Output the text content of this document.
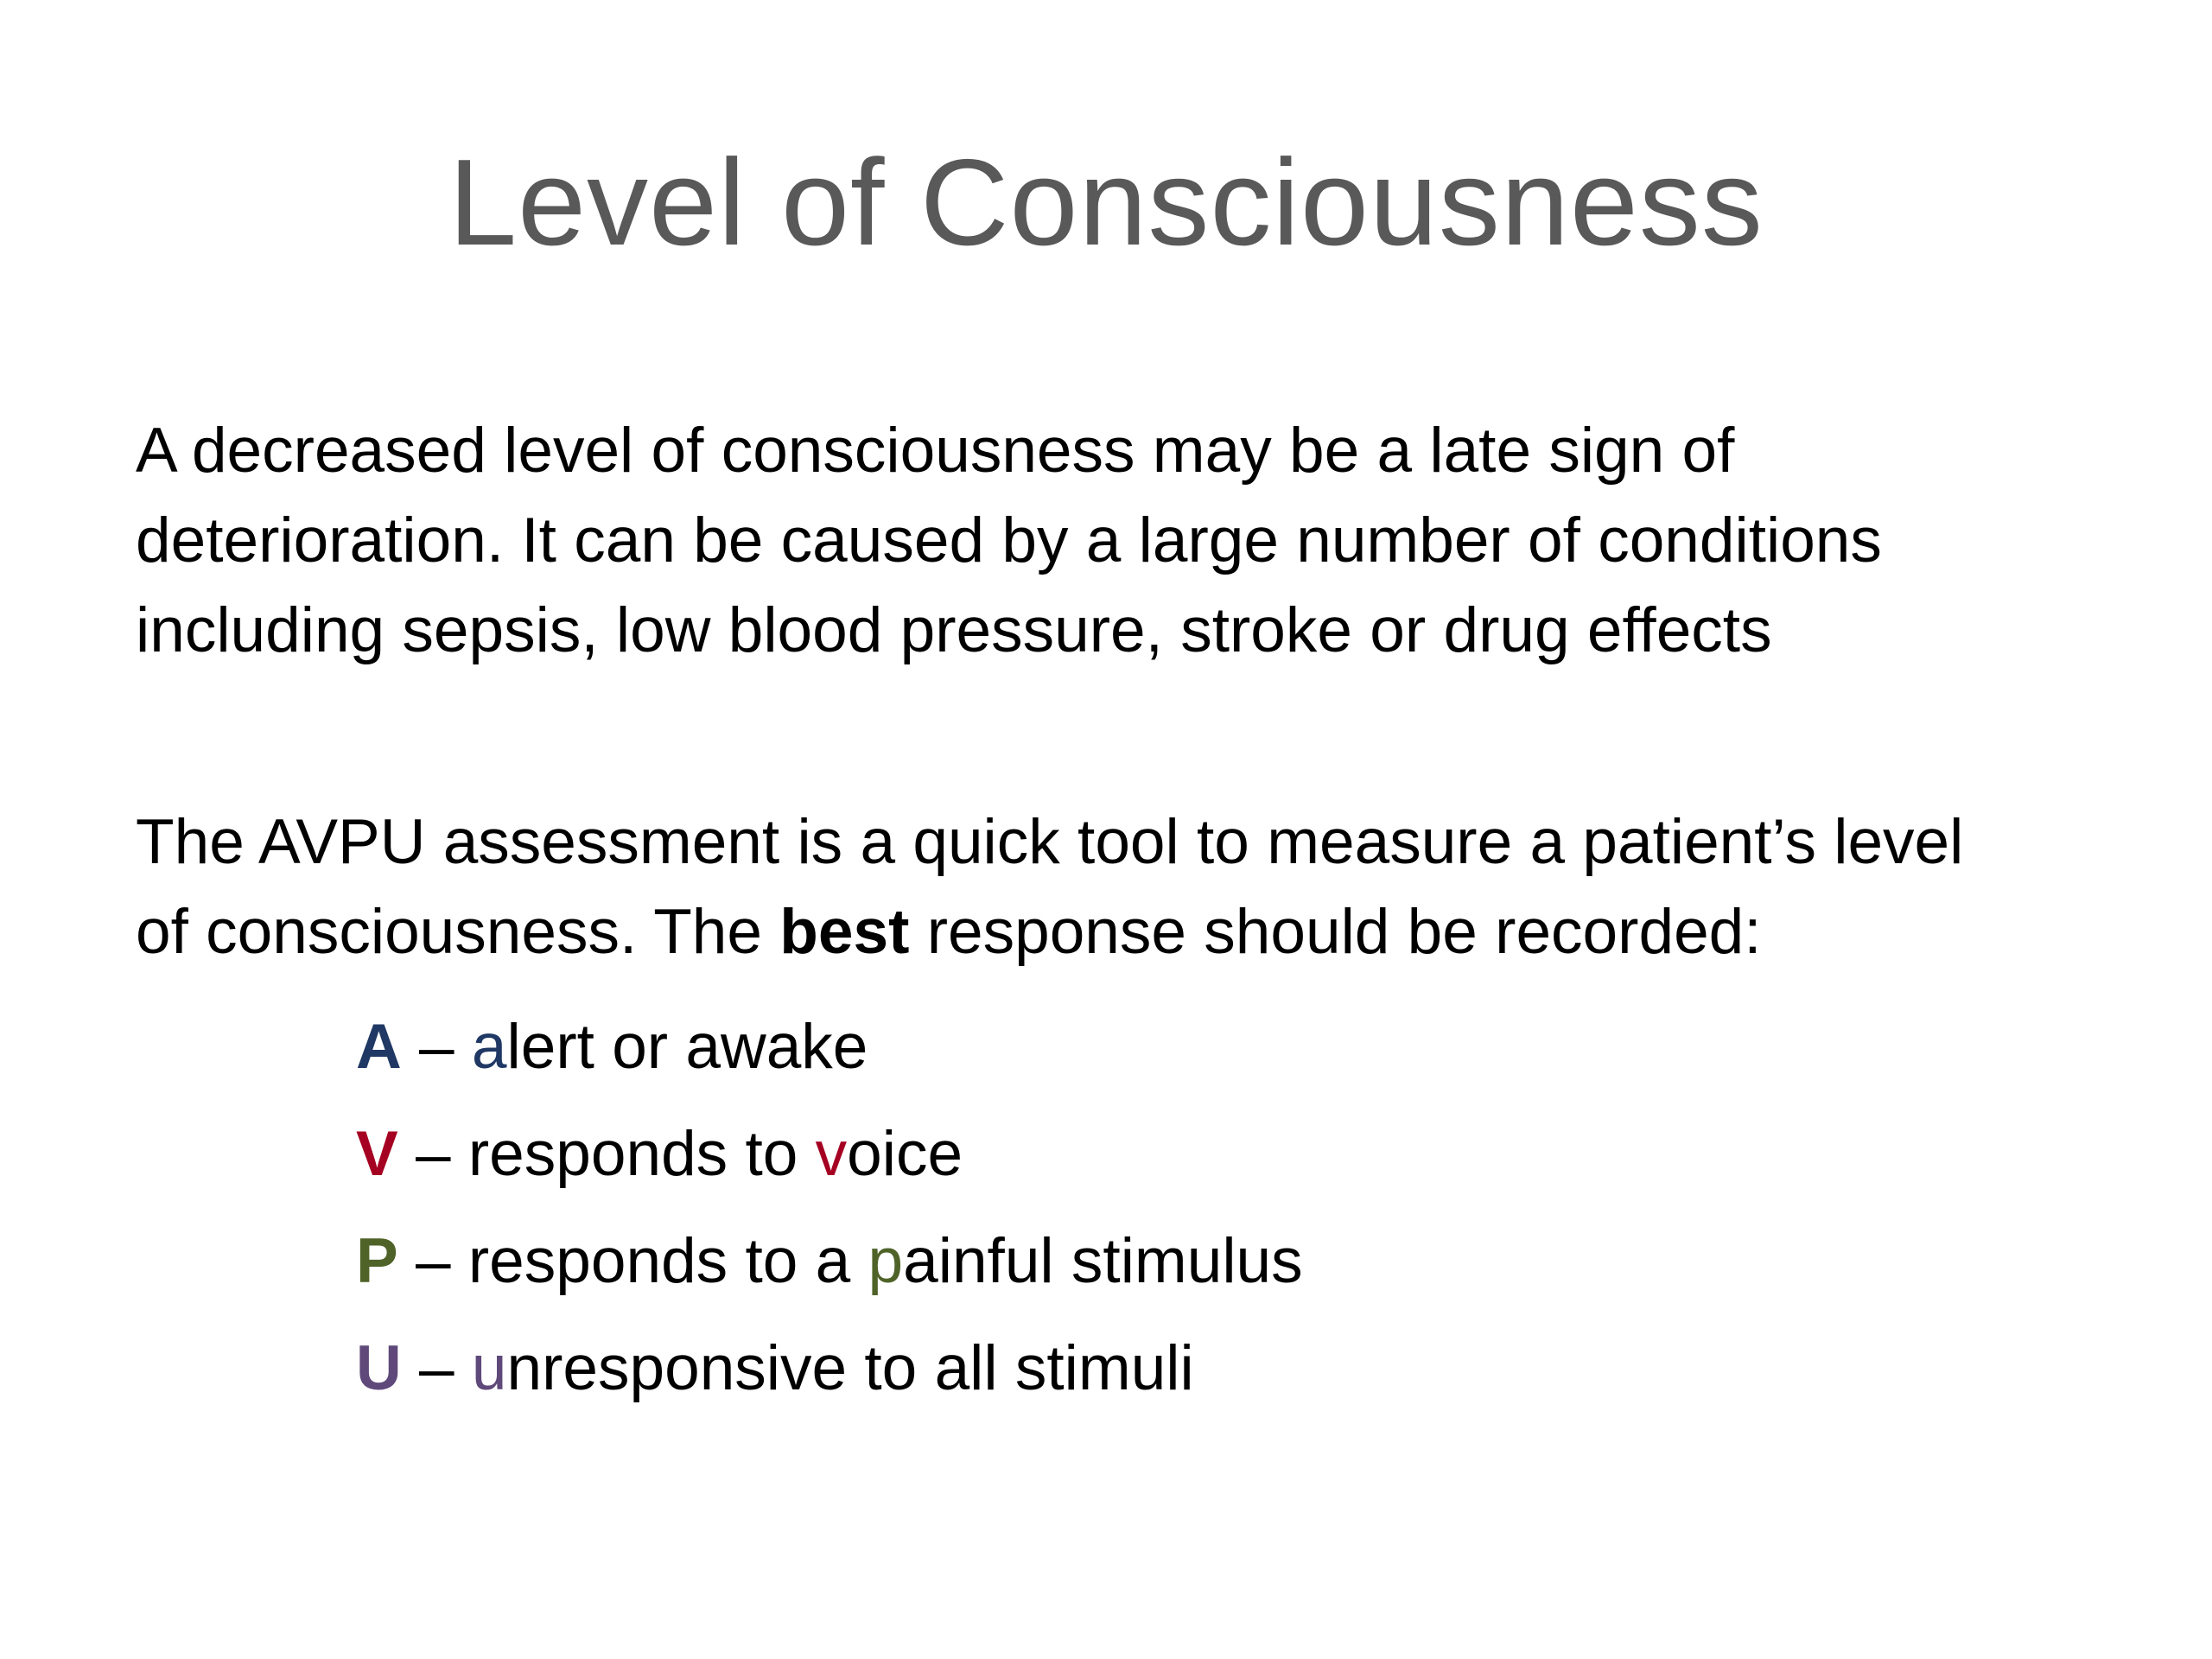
Level of Consciousness

A decreased level of consciousness may be a late sign of
deterioration. It can be caused by a large number of conditions
including sepsis, low blood pressure, stroke or drug effects

The AVPU assessment is a quick tool to measure a patient’s level
of consciousness. The best response should be recorded:

A – alert or awake
V – responds to voice
P – responds to a painful stimulus
U – unresponsive to all stimuli
